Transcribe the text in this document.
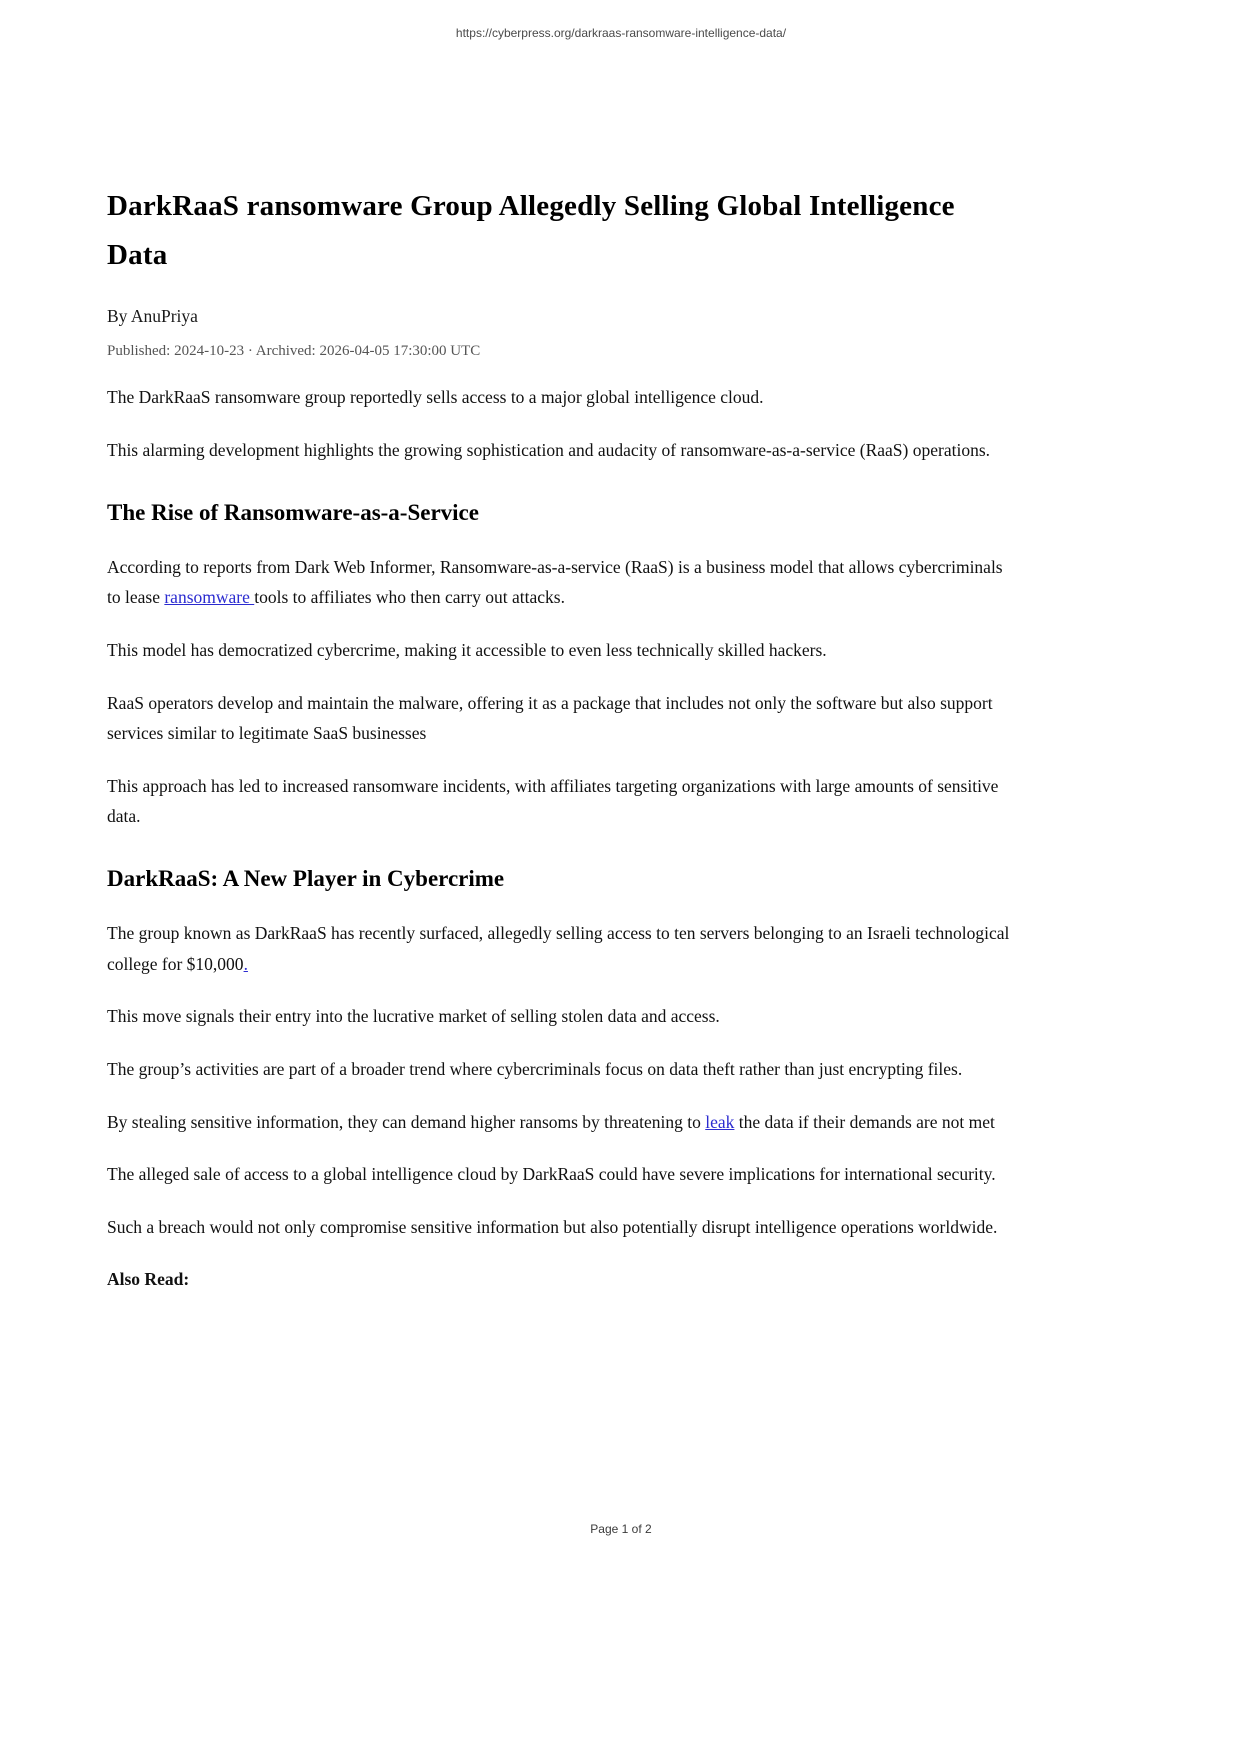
https://cyberpress.org/darkraas-ransomware-intelligence-data/
DarkRaaS ransomware Group Allegedly Selling Global Intelligence Data
By AnuPriya
Published: 2024-10-23 · Archived: 2026-04-05 17:30:00 UTC

The DarkRaaS ransomware group reportedly sells access to a major global intelligence cloud.

This alarming development highlights the growing sophistication and audacity of ransomware-as-a-service (RaaS) operations.

The Rise of Ransomware-as-a-Service

According to reports from Dark Web Informer, Ransomware-as-a-service (RaaS) is a business model that allows cybercriminals to lease ransomware tools to affiliates who then carry out attacks.

This model has democratized cybercrime, making it accessible to even less technically skilled hackers.

RaaS operators develop and maintain the malware, offering it as a package that includes not only the software but also support services similar to legitimate SaaS businesses

This approach has led to increased ransomware incidents, with affiliates targeting organizations with large amounts of sensitive data.

DarkRaaS: A New Player in Cybercrime

The group known as DarkRaaS has recently surfaced, allegedly selling access to ten servers belonging to an Israeli technological college for $10,000.

This move signals their entry into the lucrative market of selling stolen data and access.

The group’s activities are part of a broader trend where cybercriminals focus on data theft rather than just encrypting files.

By stealing sensitive information, they can demand higher ransoms by threatening to leak the data if their demands are not met

The alleged sale of access to a global intelligence cloud by DarkRaaS could have severe implications for international security.

Such a breach would not only compromise sensitive information but also potentially disrupt intelligence operations worldwide.

Also Read:

Page 1 of 2
